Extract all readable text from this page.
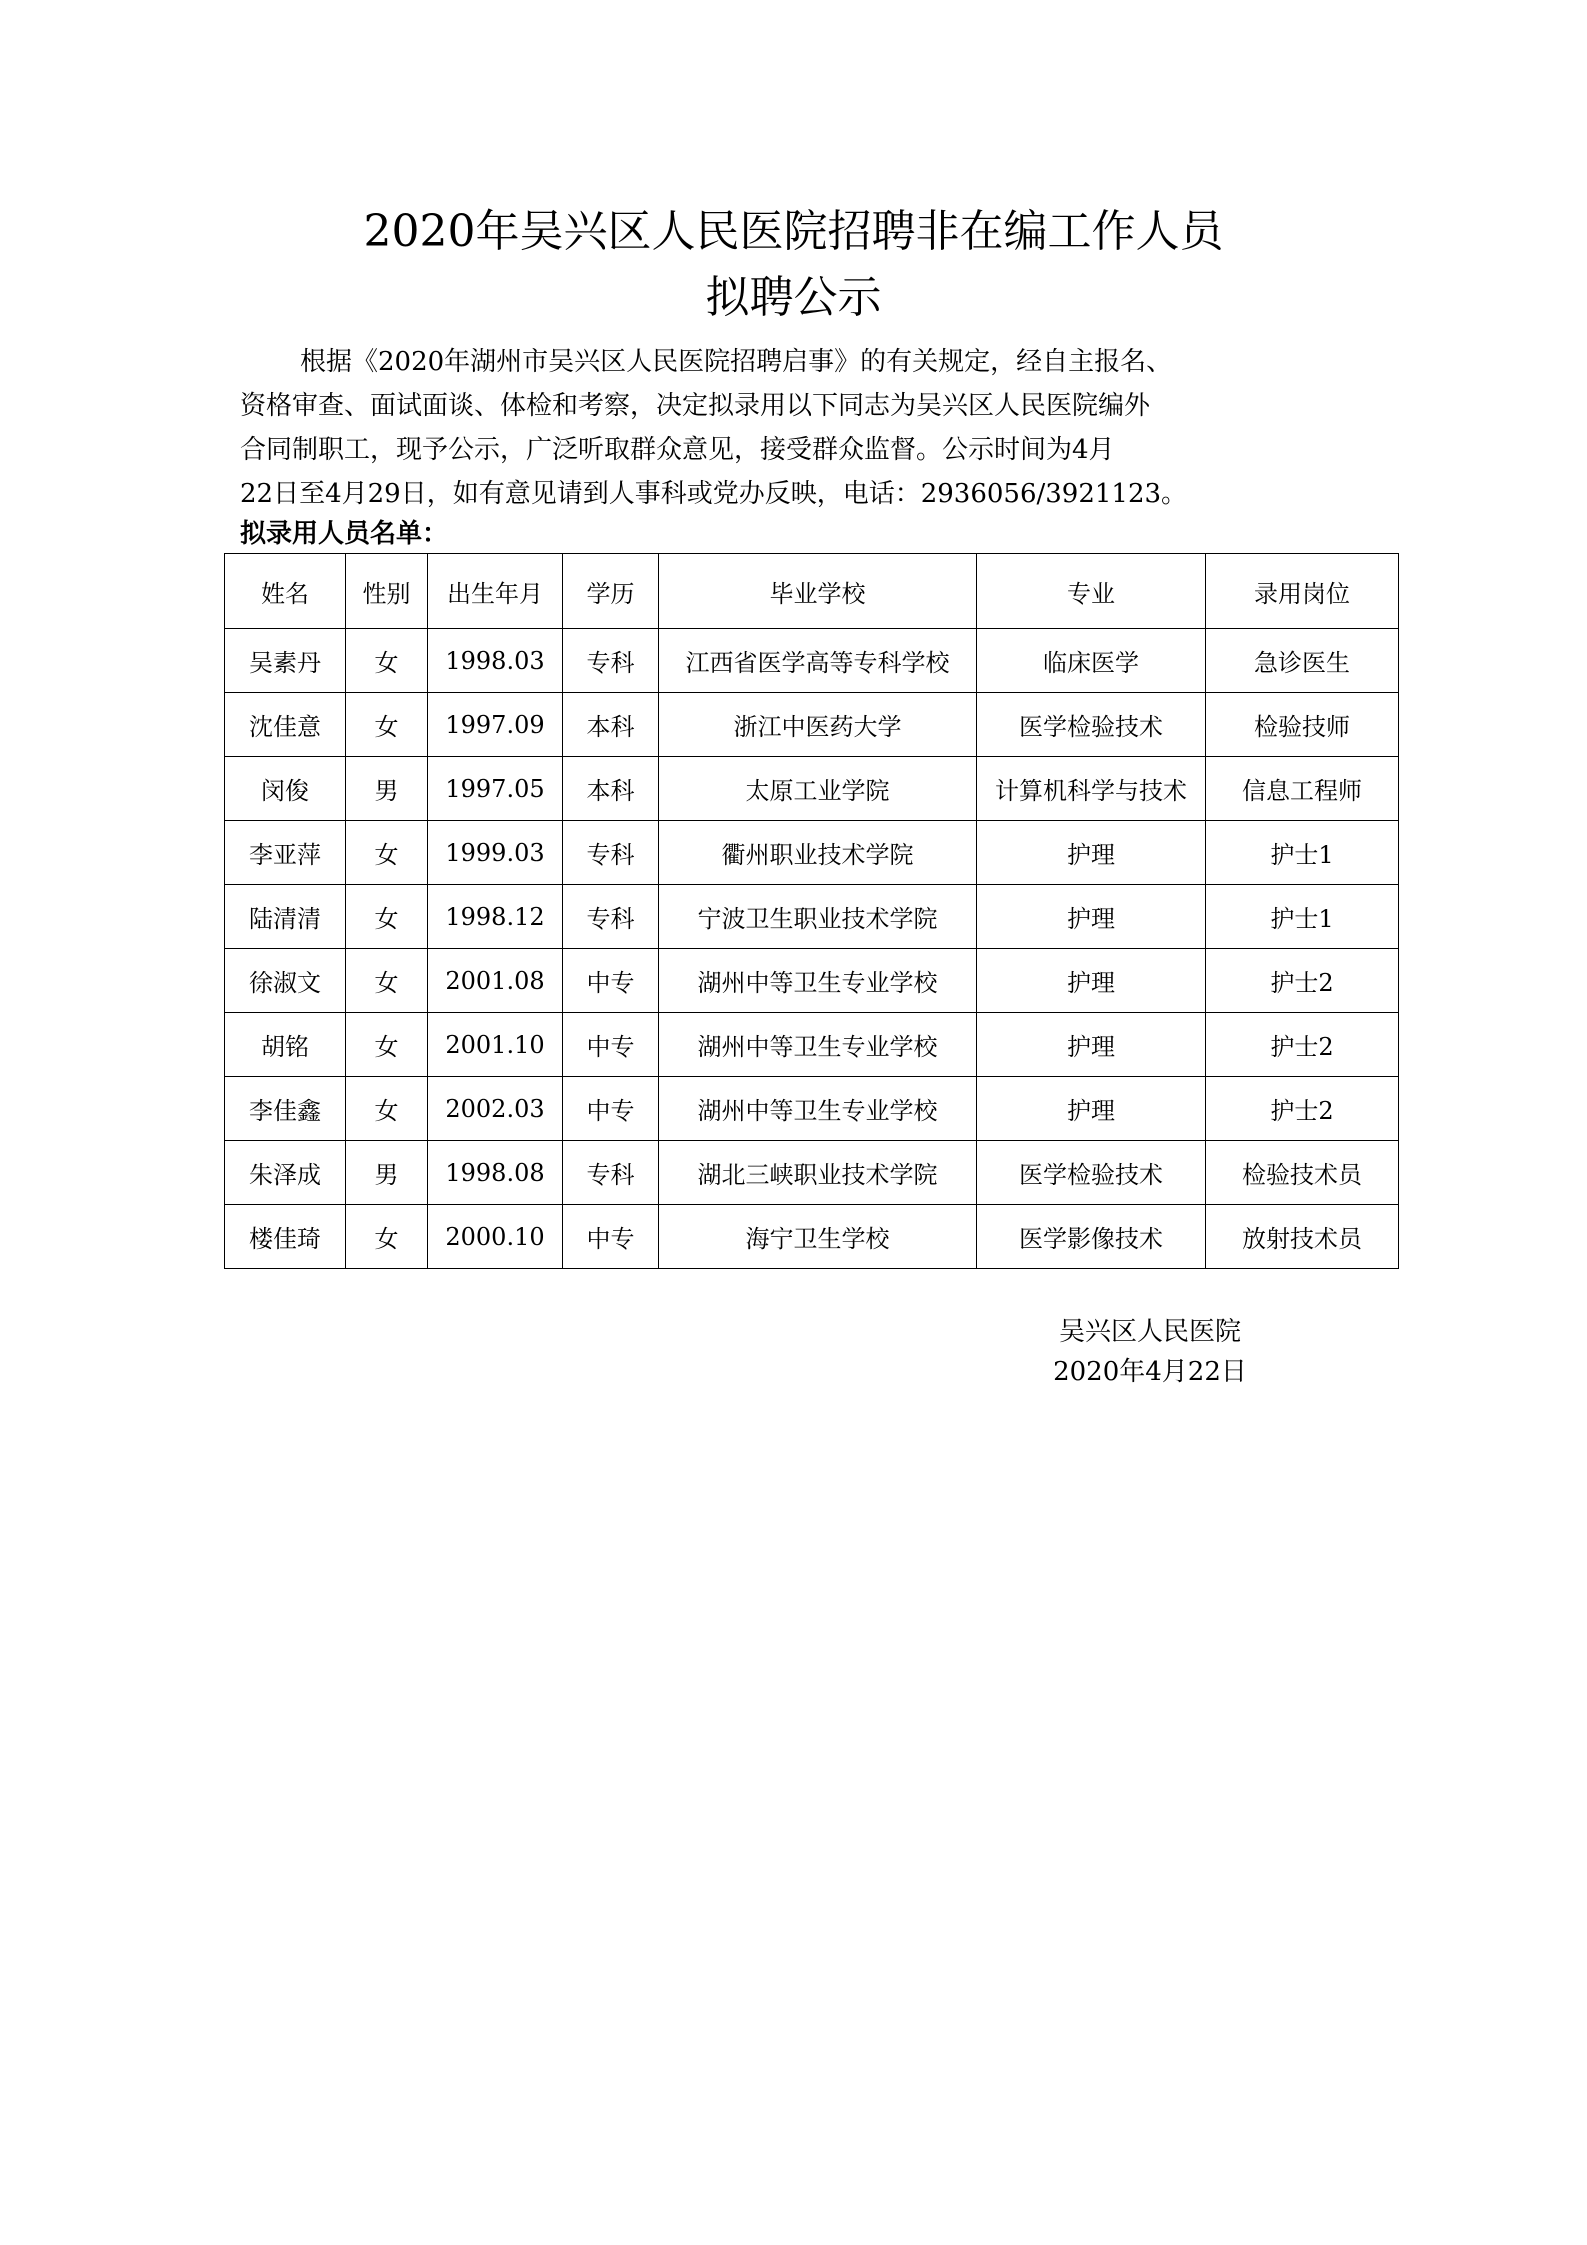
2020年吴兴区人民医院招聘非在编工作人员
拟聘公示
根据《2020年湖州市吴兴区人民医院招聘启事》的有关规定，经自主报名、
资格审查、面试面谈、体检和考察，决定拟录用以下同志为吴兴区人民医院编外
合同制职工，现予公示，广泛听取群众意见，接受群众监督。公示时间为4月
22日至4月29日，如有意见请到人事科或党办反映，电话：2936056/3921123。
拟录用人员名单：
姓名	性别	出生年月	学历	毕业学校	专业	录用岗位
吴素丹	女	1998.03	专科	江西省医学高等专科学校	临床医学	急诊医生
沈佳意	女	1997.09	本科	浙江中医药大学	医学检验技术	检验技师
闵俊	男	1997.05	本科	太原工业学院	计算机科学与技术	信息工程师
李亚萍	女	1999.03	专科	衢州职业技术学院	护理	护士1
陆清清	女	1998.12	专科	宁波卫生职业技术学院	护理	护士1
徐淑文	女	2001.08	中专	湖州中等卫生专业学校	护理	护士2
胡铭	女	2001.10	中专	湖州中等卫生专业学校	护理	护士2
李佳鑫	女	2002.03	中专	湖州中等卫生专业学校	护理	护士2
朱泽成	男	1998.08	专科	湖北三峡职业技术学院	医学检验技术	检验技术员
楼佳琦	女	2000.10	中专	海宁卫生学校	医学影像技术	放射技术员
吴兴区人民医院
2020年4月22日
